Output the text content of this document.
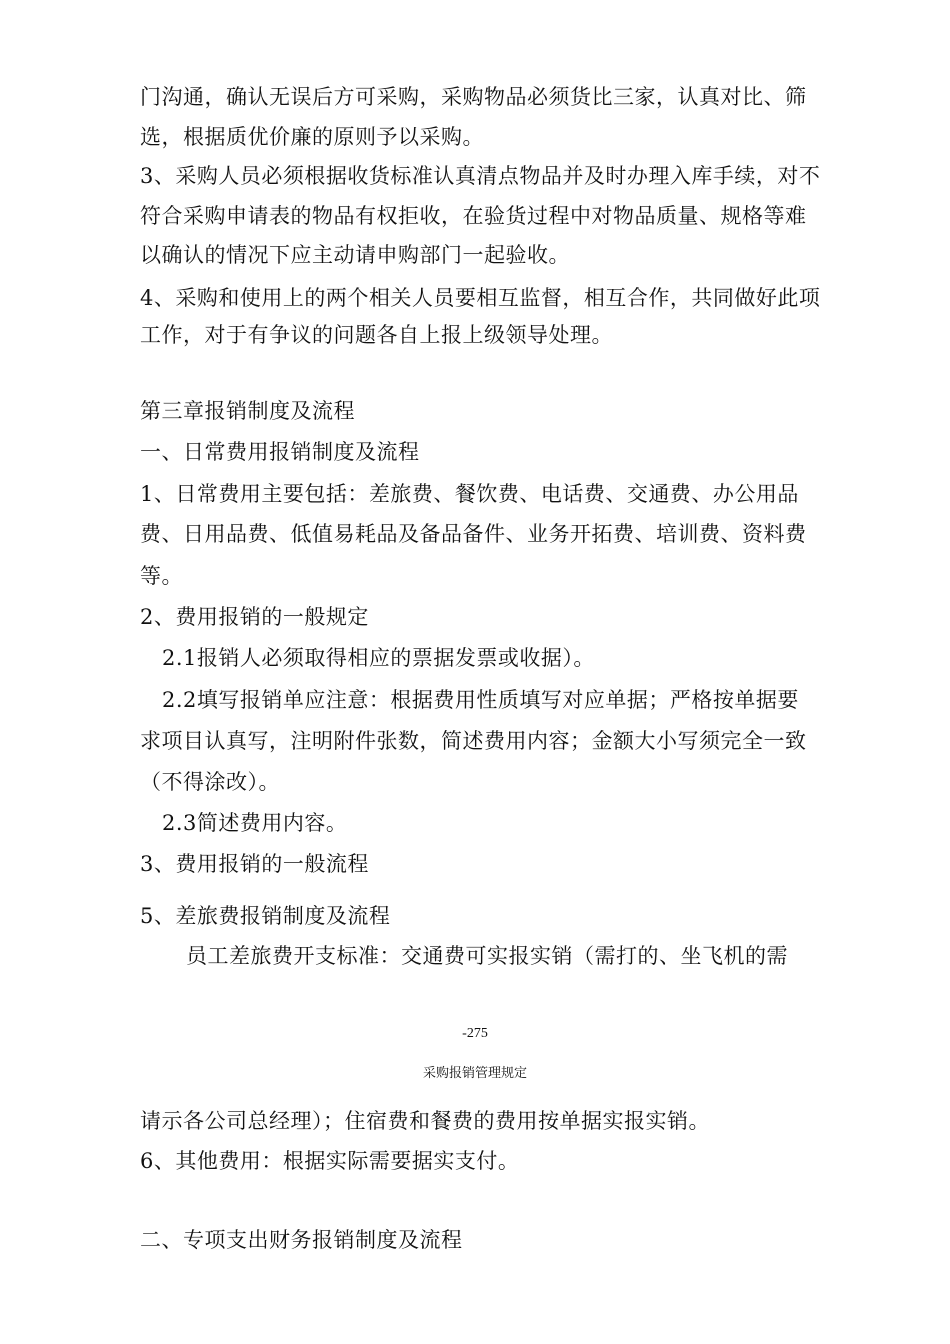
门沟通，确认无误后方可采购，采购物品必须货比三家，认真对比、筛
选，根据质优价廉的原则予以采购。
3、采购人员必须根据收货标准认真清点物品并及时办理入库手续，对不
符合采购申请表的物品有权拒收，在验货过程中对物品质量、规格等难
以确认的情况下应主动请申购部门一起验收。
4、采购和使用上的两个相关人员要相互监督，相互合作，共同做好此项
工作，对于有争议的问题各自上报上级领导处理。
第三章报销制度及流程
一、日常费用报销制度及流程
1、日常费用主要包括：差旅费、餐饮费、电话费、交通费、办公用品
费、日用品费、低值易耗品及备品备件、业务开拓费、培训费、资料费
等。
2、费用报销的一般规定
2.1报销人必须取得相应的票据发票或收据）。
2.2填写报销单应注意：根据费用性质填写对应单据；严格按单据要
求项目认真写，注明附件张数，简述费用内容；金额大小写须完全一致
（不得涂改）。
2.3简述费用内容。
3、费用报销的一般流程
5、差旅费报销制度及流程
员工差旅费开支标准：交通费可实报实销（需打的、坐飞机的需
-275
采购报销管理规定
请示各公司总经理）；住宿费和餐费的费用按单据实报实销。
6、其他费用：根据实际需要据实支付。
二、专项支出财务报销制度及流程
